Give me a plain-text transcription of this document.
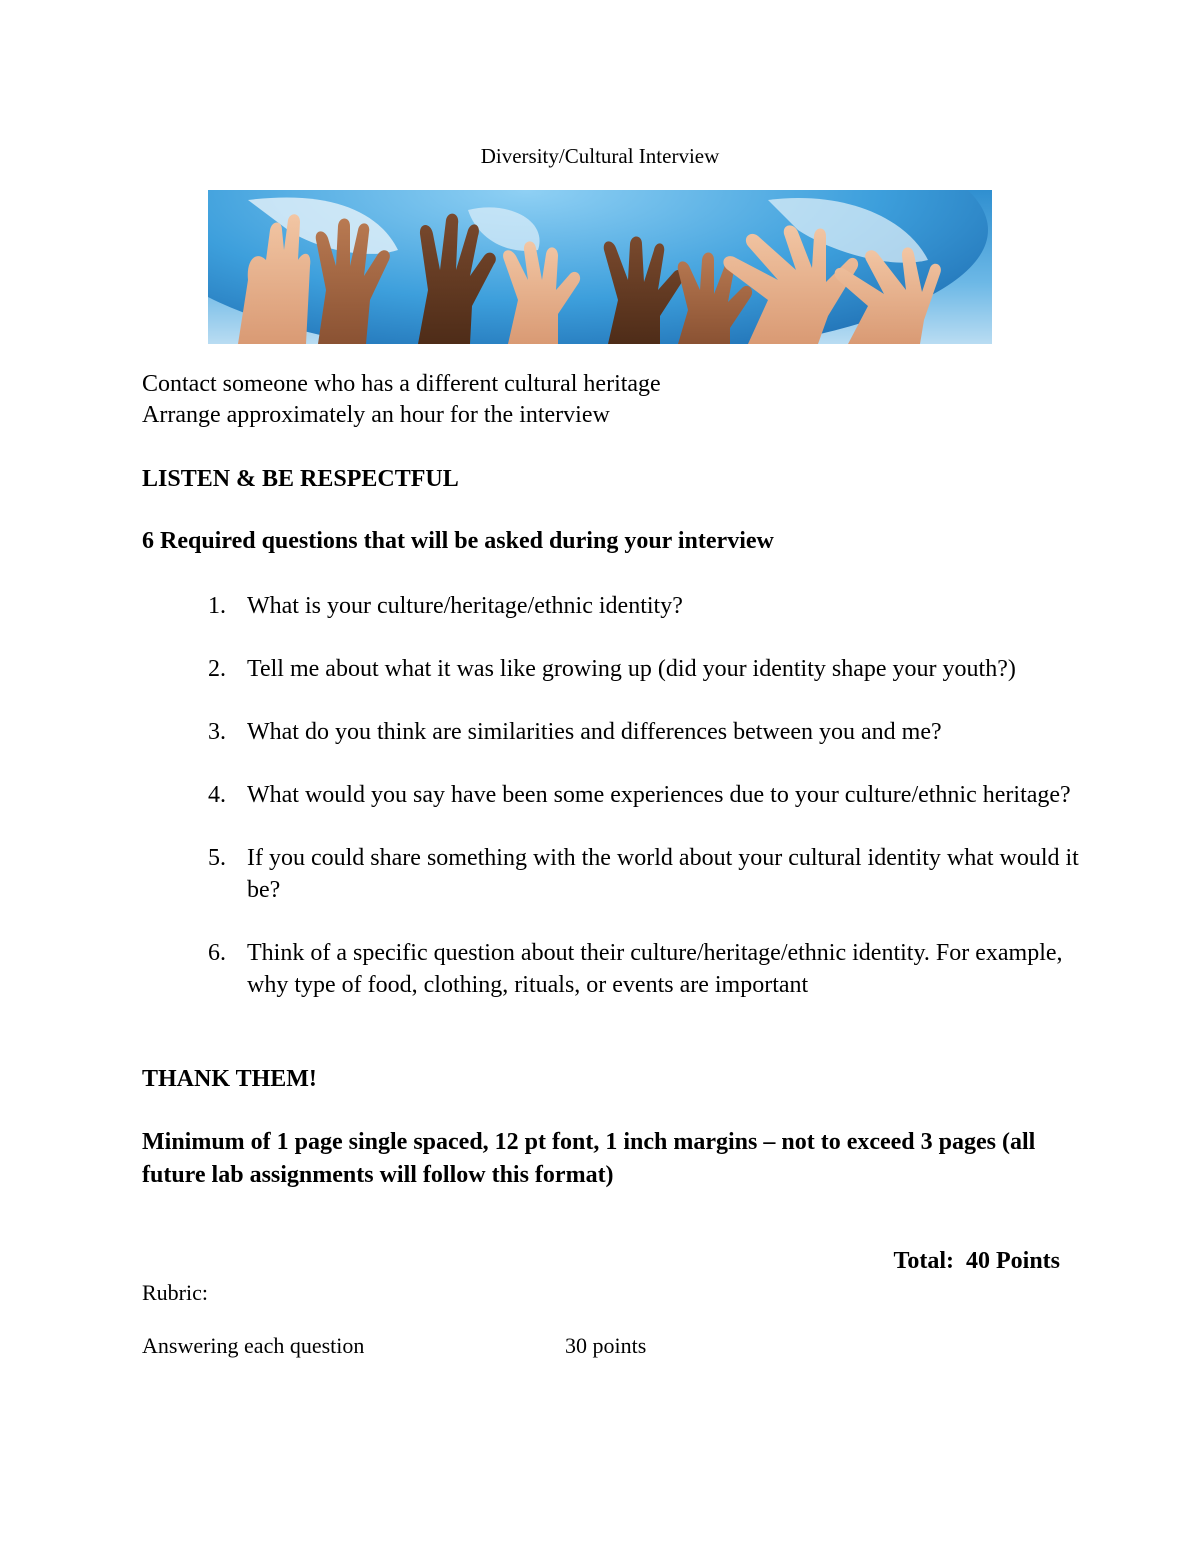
Diversity/Cultural Interview
Contact someone who has a different cultural heritage
Arrange approximately an hour for the interview
LISTEN & BE RESPECTFUL
6 Required questions that will be asked during your interview
1. What is your culture/heritage/ethnic identity?
2. Tell me about what it was like growing up (did your identity shape your youth?)
3. What do you think are similarities and differences between you and me?
4. What would you say have been some experiences due to your culture/ethnic heritage?
5. If you could share something with the world about your cultural identity what would it be?
6. Think of a specific question about their culture/heritage/ethnic identity. For example, why type of food, clothing, rituals, or events are important
THANK THEM!
Minimum of 1 page single spaced, 12 pt font, 1 inch margins – not to exceed 3 pages (all future lab assignments will follow this format)
Total:  40 Points
Rubric:
Answering each question	30 points
